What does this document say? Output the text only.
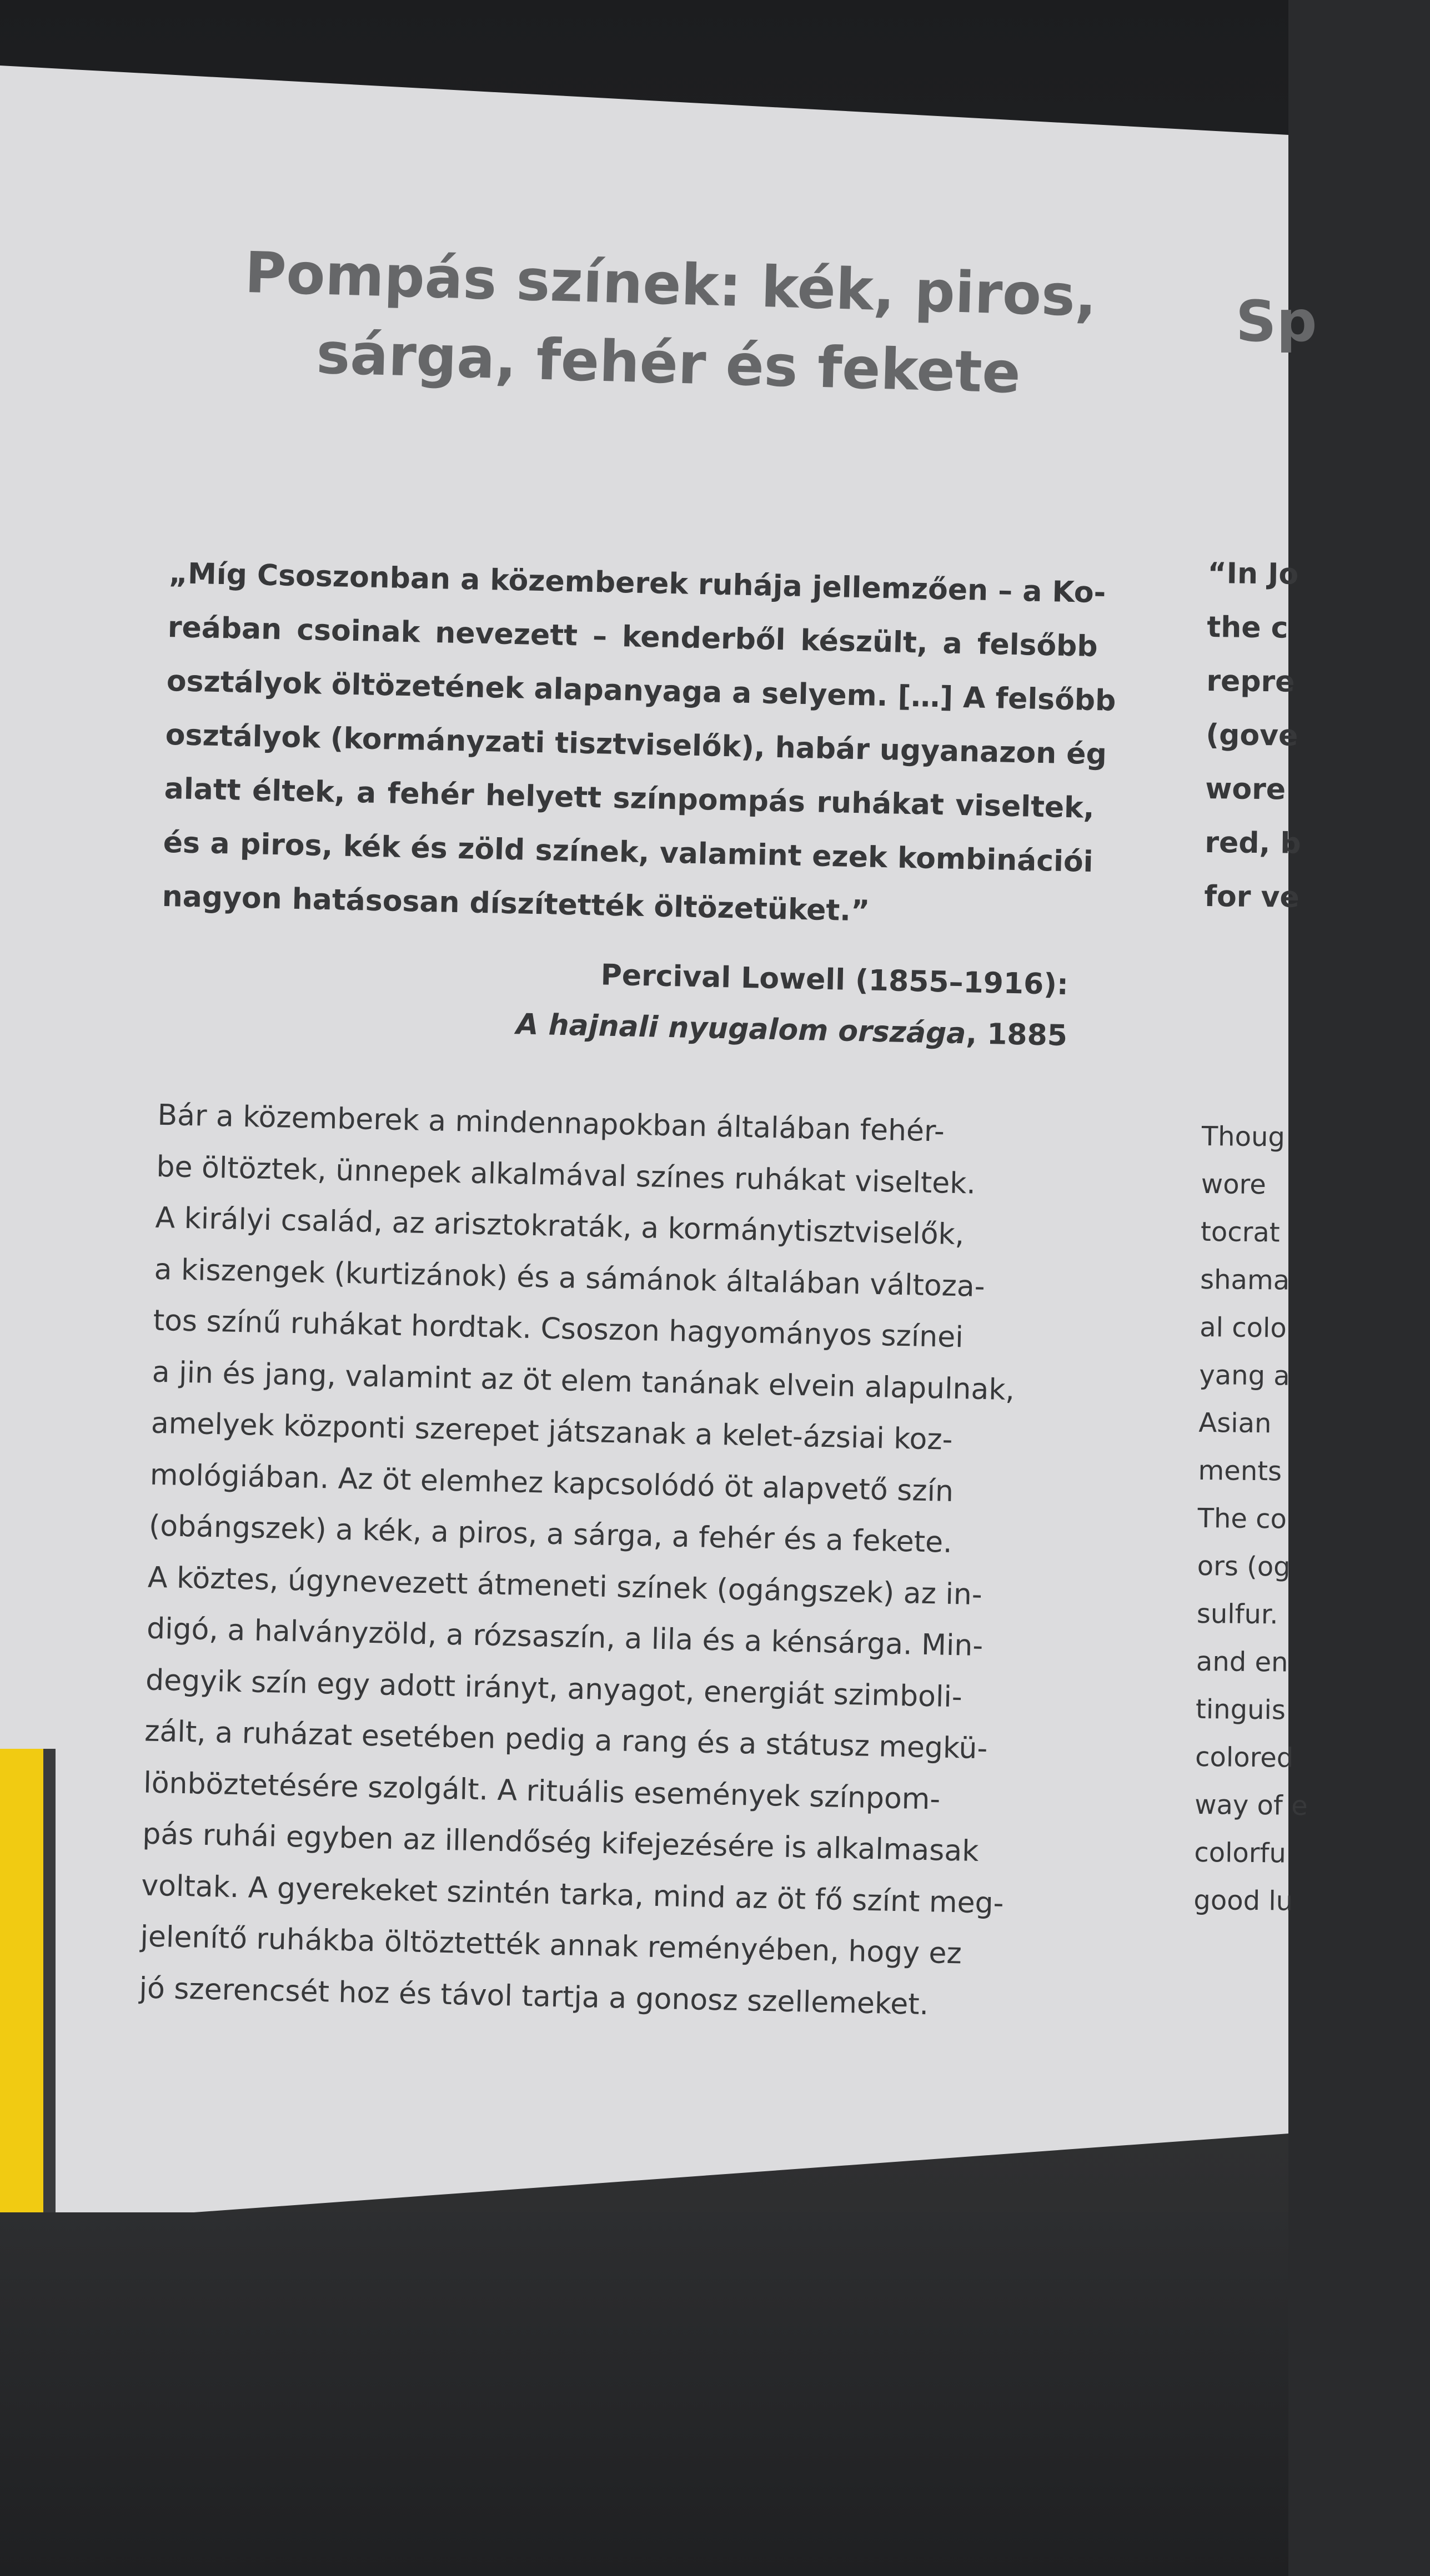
Pompás színek: kék, piros,
sárga, fehér és fekete	Sp

„Míg Csoszonban a közemberek ruhája jellemzően – a Ko-
reában csoinak nevezett – kenderből készült, a felsőbb
osztályok öltözetének alapanyaga a selyem. […] A felsőbb
osztályok (kormányzati tisztviselők), habár ugyanazon ég
alatt éltek, a fehér helyett színpompás ruhákat viseltek,
és a piros, kék és zöld színek, valamint ezek kombinációi
nagyon hatásosan díszítették öltözetüket.”

Percival Lowell (1855–1916):
A hajnali nyugalom országa, 1885
Bár a közemberek a mindennapokban általában fehér-
be öltöztek, ünnepek alkalmával színes ruhákat viseltek.
A királyi család, az arisztokraták, a kormánytisztviselők,
a kiszengek (kurtizánok) és a sámánok általában változa-
tos színű ruhákat hordtak. Csoszon hagyományos színei
a jin és jang, valamint az öt elem tanának elvein alapulnak,
amelyek központi szerepet játszanak a kelet-ázsiai koz-
mológiában. Az öt elemhez kapcsolódó öt alapvető szín
(obángszek) a kék, a piros, a sárga, a fehér és a fekete.
A köztes, úgynevezett átmeneti színek (ogángszek) az in-
digó, a halványzöld, a rózsaszín, a lila és a kénsárga. Min-
degyik szín egy adott irányt, anyagot, energiát szimboli-
zált, a ruházat esetében pedig a rang és a státusz megkü-
lönböztetésére szolgált. A rituális események színpom-
pás ruhái egyben az illendőség kifejezésére is alkalmasak
voltak. A gyerekeket szintén tarka, mind az öt fő színt meg-
jelenítő ruhákba öltöztették annak reményében, hogy ez
jó szerencsét hoz és távol tartja a gonosz szellemeket.
“In Jo
the c
repre
(gove
wore
red, b
for ve
Thoug
wore
tocrat
shama
al colo
yang a
Asian
ments
The co
ors (og
sulfur.
and en
tinguis
colored
way of e
colorfu
good lu
